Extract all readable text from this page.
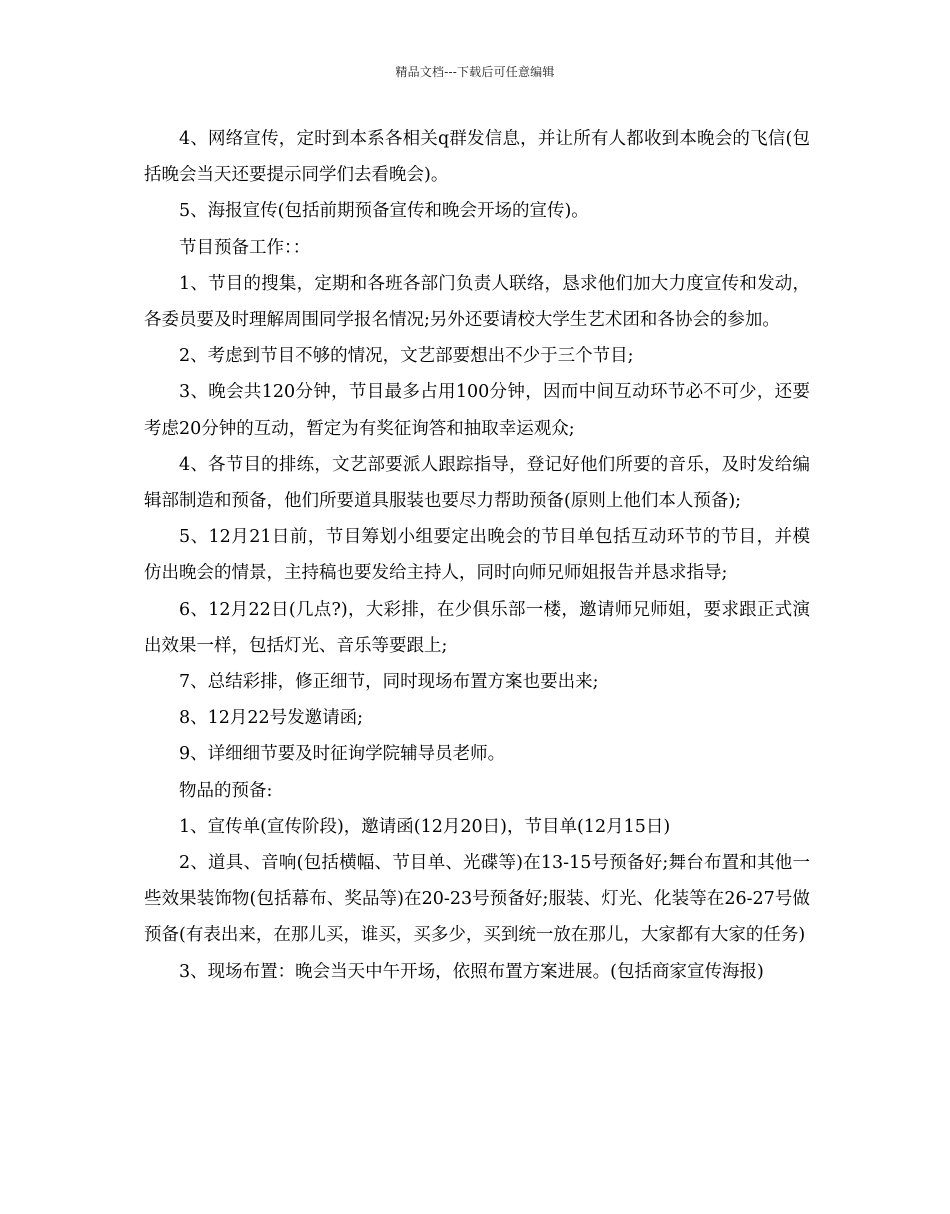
精品文档---下载后可任意编辑

4、网络宣传，定时到本系各相关q群发信息，并让所有人都收到本晚会的飞信(包括晚会当天还要提示同学们去看晚会)。

5、海报宣传(包括前期预备宣传和晚会开场的宣传)。

节目预备工作：：

1、节目的搜集，定期和各班各部门负责人联络，恳求他们加大力度宣传和发动，各委员要及时理解周围同学报名情况;另外还要请校大学生艺术团和各协会的参加。

2、考虑到节目不够的情况，文艺部要想出不少于三个节目;

3、晚会共120分钟，节目最多占用100分钟，因而中间互动环节必不可少，还要考虑20分钟的互动，暂定为有奖征询答和抽取幸运观众;

4、各节目的排练，文艺部要派人跟踪指导，登记好他们所要的音乐，及时发给编辑部制造和预备，他们所要道具服装也要尽力帮助预备(原则上他们本人预备);

5、12月21日前，节目筹划小组要定出晚会的节目单包括互动环节的节目，并模仿出晚会的情景，主持稿也要发给主持人，同时向师兄师姐报告并恳求指导;

6、12月22日(几点?)，大彩排，在少俱乐部一楼，邀请师兄师姐，要求跟正式演出效果一样，包括灯光、音乐等要跟上;

7、总结彩排，修正细节，同时现场布置方案也要出来;

8、12月22号发邀请函;

9、详细细节要及时征询学院辅导员老师。

物品的预备:

1、宣传单(宣传阶段)，邀请函(12月20日)，节目单(12月15日)

2、道具、音响(包括横幅、节目单、光碟等)在13-15号预备好;舞台布置和其他一些效果装饰物(包括幕布、奖品等)在20-23号预备好;服装、灯光、化装等在26-27号做预备(有表出来，在那儿买，谁买，买多少，买到统一放在那儿，大家都有大家的任务)

3、现场布置：晚会当天中午开场，依照布置方案进展。(包括商家宣传海报)
